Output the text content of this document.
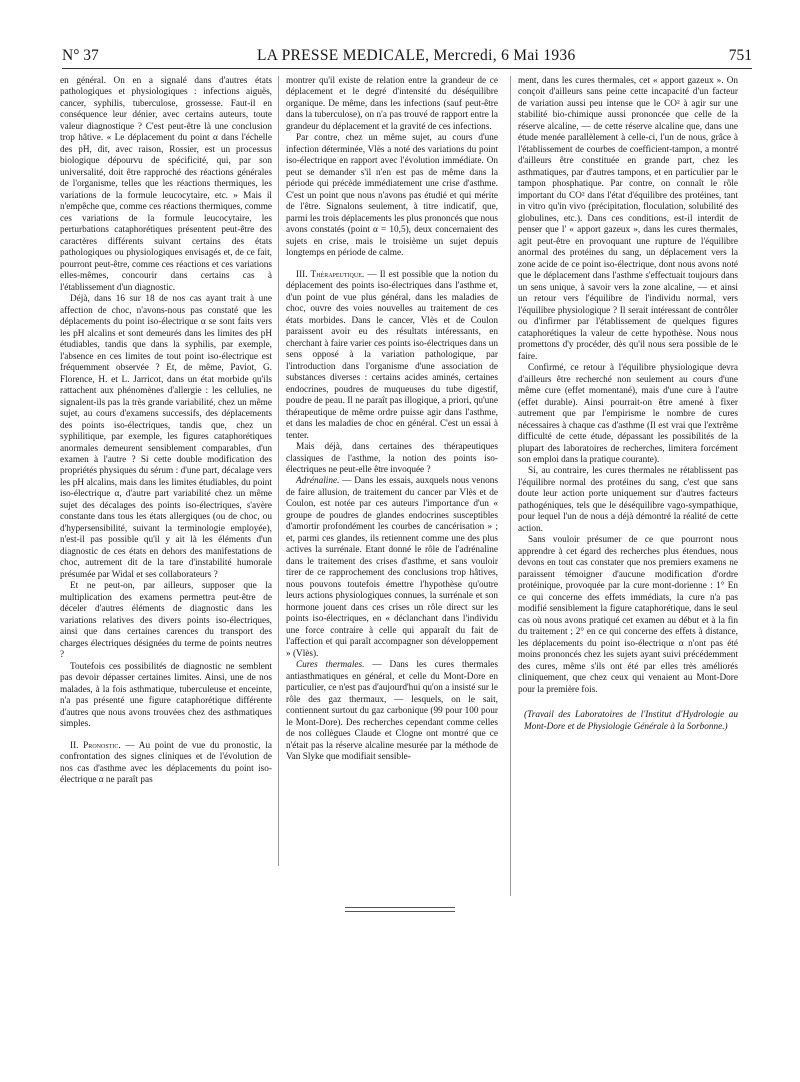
N° 37	LA PRESSE MEDICALE, Mercredi, 6 Mai 1936	751

en général. On en a signalé dans d'autres états pathologiques et physiologiques : infections aiguës, cancer, syphilis, tuberculose, grossesse. Faut-il en conséquence leur dénier, avec certains auteurs, toute valeur diagnostique ? C'est peut-être là une conclusion trop hâtive. « Le déplacement du point α dans l'échelle des pH, dit, avec raison, Rossier, est un processus biologique dépourvu de spécificité, qui, par son universalité, doit être rapproché des réactions générales de l'organisme, telles que les réactions thermiques, les variations de la formule leucocytaire, etc. » Mais il n'empêche que, comme ces réactions thermiques, comme ces variations de la formule leucocytaire, les perturbations cataphorétiques présentent peut-être des caractères différents suivant certains des états pathologiques ou physiologiques envisagés et, de ce fait, pourront peut-être, comme ces réactions et ces variations elles-mêmes, concourir dans certains cas à l'établissement d'un diagnostic.

Déjà, dans 16 sur 18 de nos cas ayant trait à une affection de choc, n'avons-nous pas constaté que les déplacements du point iso-électrique α se sont faits vers les pH alcalins et sont demeurés dans les limites des pH étudiables, tandis que dans la syphilis, par exemple, l'absence en ces limites de tout point iso-électrique est fréquemment observée ? Et, de même, Paviot, G. Florence, H. et L. Jarricot, dans un état morbide qu'ils rattachent aux phénomènes d'allergie : les cellulies, ne signalent-ils pas la très grande variabilité, chez un même sujet, au cours d'examens successifs, des déplacements des points iso-électriques, tandis que, chez un syphilitique, par exemple, les figures cataphorétiques anormales demeurent sensiblement comparables, d'un examen à l'autre ? Si cette double modification des propriétés physiques du sérum : d'une part, décalage vers les pH alcalins, mais dans les limites étudiables, du point iso-électrique α, d'autre part variabilité chez un même sujet des décalages des points iso-électriques, s'avère constante dans tous les états allergiques (ou de choc, ou d'hypersensibilité, suivant la terminologie employée), n'est-il pas possible qu'il y ait là les éléments d'un diagnostic de ces états en dehors des manifestations de choc, autrement dit de la tare d'instabilité humorale présumée par Widal et ses collaborateurs ?

Et ne peut-on, par ailleurs, supposer que la multiplication des examens permettra peut-être de déceler d'autres éléments de diagnostic dans les variations relatives des divers points iso-électriques, ainsi que dans certaines carences du transport des charges électriques désignées du terme de points neutres ?

Toutefois ces possibilités de diagnostic ne semblent pas devoir dépasser certaines limites. Ainsi, une de nos malades, à la fois asthmatique, tuberculeuse et enceinte, n'a pas présenté une figure cataphorétique différente d'autres que nous avons trouvées chez des asthmatiques simples.

II. Pronostic. — Au point de vue du pronostic, la confrontation des signes cliniques et de l'évolution de nos cas d'asthme avec les déplacements du point iso-électrique α ne paraît pas

montrer qu'il existe de relation entre la grandeur de ce déplacement et le degré d'intensité du déséquilibre organique. De même, dans les infections (sauf peut-être dans la tuberculose), on n'a pas trouvé de rapport entre la grandeur du déplacement et la gravité de ces infections.

Par contre, chez un même sujet, au cours d'une infection déterminée, Vlès a noté des variations du point iso-électrique en rapport avec l'évolution immédiate. On peut se demander s'il n'en est pas de même dans la période qui précède immédiatement une crise d'asthme. C'est un point que nous n'avons pas étudié et qui mérite de l'être. Signalons seulement, à titre indicatif, que, parmi les trois déplacements les plus prononcés que nous avons constatés (point α = 10,5), deux concernaient des sujets en crise, mais le troisième un sujet depuis longtemps en période de calme.

III. Thérapeutique. — Il est possible que la notion du déplacement des points iso-électriques dans l'asthme et, d'un point de vue plus général, dans les maladies de choc, ouvre des voies nouvelles au traitement de ces états morbides. Dans le cancer, Vlès et de Coulon paraissent avoir eu des résultats intéressants, en cherchant à faire varier ces points iso-électriques dans un sens opposé à la variation pathologique, par l'introduction dans l'organisme d'une association de substances diverses : certains acides aminés, certaines endocrines, poudres de muqueuses du tube digestif, poudre de peau. Il ne paraît pas illogique, a priori, qu'une thérapeutique de même ordre puisse agir dans l'asthme, et dans les maladies de choc en général. C'est un essai à tenter.

Mais déjà, dans certaines des thérapeutiques classiques de l'asthme, la notion des points iso-électriques ne peut-elle être invoquée ?

Adrénaline. — Dans les essais, auxquels nous venons de faire allusion, de traitement du cancer par Vlès et de Coulon, est notée par ces auteurs l'importance d'un « groupe de poudres de glandes endocrines susceptibles d'amortir profondément les courbes de cancérisation » ; et, parmi ces glandes, ils retiennent comme une des plus actives la surrénale. Etant donné le rôle de l'adrénaline dans le traitement des crises d'asthme, et sans vouloir tirer de ce rapprochement des conclusions trop hâtives, nous pouvons toutefois émettre l'hypothèse qu'outre leurs actions physiologiques connues, la surrénale et son hormone jouent dans ces crises un rôle direct sur les points iso-électriques, en « déclanchant dans l'individu une force contraire à celle qui apparaît du fait de l'affection et qui paraît accompagner son développement » (Vlès).

Cures thermales. — Dans les cures thermales antiasthmatiques en général, et celle du Mont-Dore en particulier, ce n'est pas d'aujourd'hui qu'on a insisté sur le rôle des gaz thermaux, — lesquels, on le sait, contiennent surtout du gaz carbonique (99 pour 100 pour le Mont-Dore). Des recherches cependant comme celles de nos collègues Claude et Clogne ont montré que ce n'était pas la réserve alcaline mesurée par la méthode de Van Slyke que modifiait sensible-

ment, dans les cures thermales, cet « apport gazeux ». On conçoit d'ailleurs sans peine cette incapacité d'un facteur de variation aussi peu intense que le CO² à agir sur une stabilité bio-chimique aussi prononcée que celle de la réserve alcaline, — de cette réserve alcaline que, dans une étude menée parallèlement à celle-ci, l'un de nous, grâce à l'établissement de courbes de coefficient-tampon, a montré d'ailleurs être constituée en grande part, chez les asthmatiques, par d'autres tampons, et en particulier par le tampon phosphatique. Par contre, on connaît le rôle important du CO² dans l'état d'équilibre des protéines, tant in vitro qu'in vivo (précipitation, floculation, solubilité des globulines, etc.). Dans ces conditions, est-il interdit de penser que l' « apport gazeux », dans les cures thermales, agit peut-être en provoquant une rupture de l'équilibre anormal des protéines du sang, un déplacement vers la zone acide de ce point iso-électrique, dont nous avons noté que le déplacement dans l'asthme s'effectuait toujours dans un sens unique, à savoir vers la zone alcaline, — et ainsi un retour vers l'équilibre de l'individu normal, vers l'équilibre physiologique ? Il serait intéressant de contrôler ou d'infirmer par l'établissement de quelques figures cataphorétiques la valeur de cette hypothèse. Nous nous promettons d'y procéder, dès qu'il nous sera possible de le faire.

Confirmé, ce retour à l'équilibre physiologique devra d'ailleurs être recherché non seulement au cours d'une même cure (effet momentané), mais d'une cure à l'autre (effet durable). Ainsi pourrait-on être amené à fixer autrement que par l'empirisme le nombre de cures nécessaires à chaque cas d'asthme (Il est vrai que l'extrême difficulté de cette étude, dépassant les possibilités de la plupart des laboratoires de recherches, limitera forcément son emploi dans la pratique courante).

Si, au contraire, les cures thermales ne rétablissent pas l'équilibre normal des protéines du sang, c'est que sans doute leur action porte uniquement sur d'autres facteurs pathogéniques, tels que le déséquilibre vago-sympathique, pour lequel l'un de nous a déjà démontré la réalité de cette action.

Sans vouloir présumer de ce que pourront nous apprendre à cet égard des recherches plus étendues, nous devons en tout cas constater que nos premiers examens ne paraissent témoigner d'aucune modification d'ordre protéinique, provoquée par la cure mont-dorienne : 1° En ce qui concerne des effets immédiats, la cure n'a pas modifié sensiblement la figure cataphorétique, dans le seul cas où nous avons pratiqué cet examen au début et à la fin du traitement ; 2° en ce qui concerne des effets à distance, les déplacements du point iso-électrique α n'ont pas été moins prononcés chez les sujets ayant suivi précédemment des cures, même s'ils ont été par elles très améliorés cliniquement, que chez ceux qui venaient au Mont-Dore pour la première fois.

(Travail des Laboratoires de l'Institut d'Hydrologie au Mont-Dore et de Physiologie Générale à la Sorbonne.)
